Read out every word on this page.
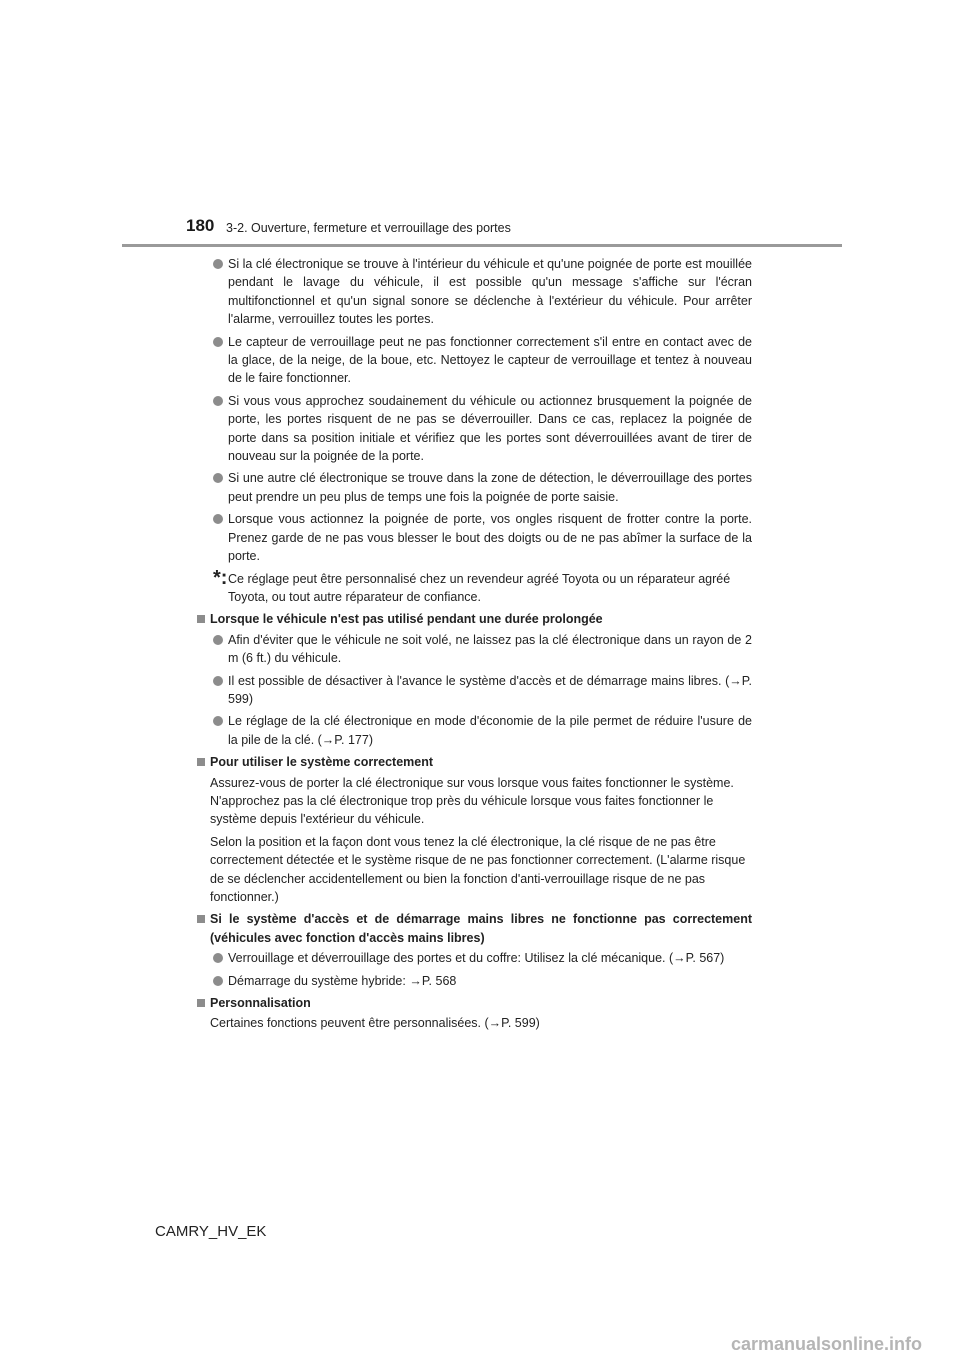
180 3-2. Ouverture, fermeture et verrouillage des portes
Si la clé électronique se trouve à l'intérieur du véhicule et qu'une poignée de porte est mouillée pendant le lavage du véhicule, il est possible qu'un message s'affiche sur l'écran multifonctionnel et qu'un signal sonore se déclenche à l'extérieur du véhicule. Pour arrêter l'alarme, verrouillez toutes les portes.
Le capteur de verrouillage peut ne pas fonctionner correctement s'il entre en contact avec de la glace, de la neige, de la boue, etc. Nettoyez le capteur de verrouillage et tentez à nouveau de le faire fonctionner.
Si vous vous approchez soudainement du véhicule ou actionnez brusquement la poignée de porte, les portes risquent de ne pas se déverrouiller. Dans ce cas, replacez la poignée de porte dans sa position initiale et vérifiez que les portes sont déverrouillées avant de tirer de nouveau sur la poignée de la porte.
Si une autre clé électronique se trouve dans la zone de détection, le déverrouillage des portes peut prendre un peu plus de temps une fois la poignée de porte saisie.
Lorsque vous actionnez la poignée de porte, vos ongles risquent de frotter contre la porte. Prenez garde de ne pas vous blesser le bout des doigts ou de ne pas abîmer la surface de la porte.
*: Ce réglage peut être personnalisé chez un revendeur agréé Toyota ou un réparateur agréé Toyota, ou tout autre réparateur de confiance.
Lorsque le véhicule n'est pas utilisé pendant une durée prolongée
Afin d'éviter que le véhicule ne soit volé, ne laissez pas la clé électronique dans un rayon de 2 m (6 ft.) du véhicule.
Il est possible de désactiver à l'avance le système d'accès et de démarrage mains libres. (→P. 599)
Le réglage de la clé électronique en mode d'économie de la pile permet de réduire l'usure de la pile de la clé. (→P. 177)
Pour utiliser le système correctement
Assurez-vous de porter la clé électronique sur vous lorsque vous faites fonctionner le système. N'approchez pas la clé électronique trop près du véhicule lorsque vous faites fonctionner le système depuis l'extérieur du véhicule.
Selon la position et la façon dont vous tenez la clé électronique, la clé risque de ne pas être correctement détectée et le système risque de ne pas fonctionner correctement. (L'alarme risque de se déclencher accidentellement ou bien la fonction d'anti-verrouillage risque de ne pas fonctionner.)
Si le système d'accès et de démarrage mains libres ne fonctionne pas correctement (véhicules avec fonction d'accès mains libres)
Verrouillage et déverrouillage des portes et du coffre: Utilisez la clé mécanique. (→P. 567)
Démarrage du système hybride: →P. 568
Personnalisation
Certaines fonctions peuvent être personnalisées. (→P. 599)
CAMRY_HV_EK
carmanualsonline.info
